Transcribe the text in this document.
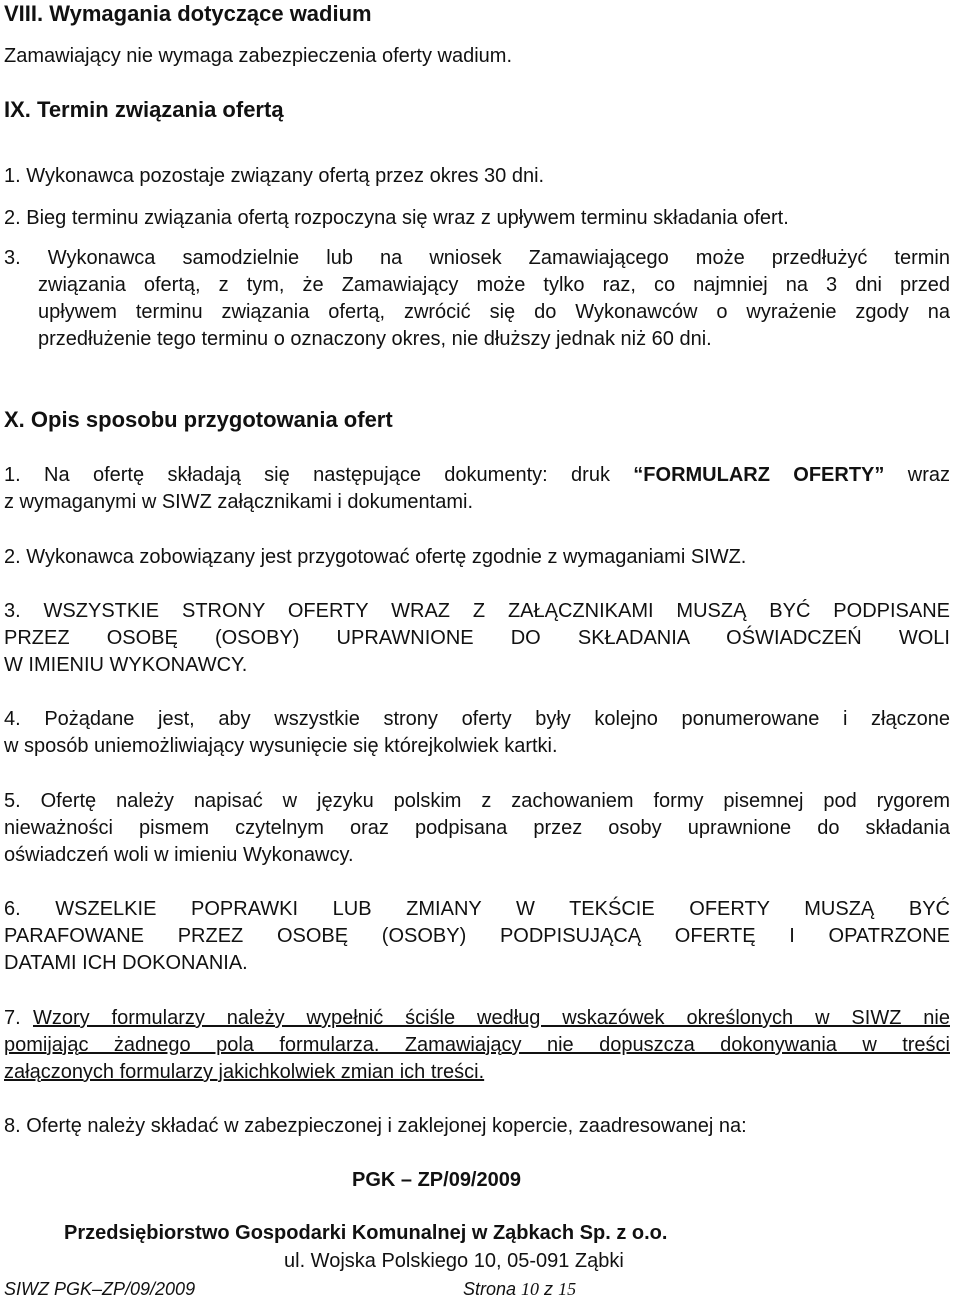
VIII. Wymagania dotyczące wadium
Zamawiający nie wymaga zabezpieczenia oferty wadium.
IX. Termin związania ofertą
1. Wykonawca pozostaje związany ofertą przez okres 30 dni.
2. Bieg terminu związania ofertą rozpoczyna się wraz z upływem terminu składania ofert.
3. Wykonawca samodzielnie lub na wniosek Zamawiającego może przedłużyć termin
związania ofertą, z tym, że Zamawiający może tylko raz, co najmniej na 3 dni przed
upływem terminu związania ofertą, zwrócić się do Wykonawców o wyrażenie zgody na
przedłużenie tego terminu o oznaczony okres, nie dłuższy jednak niż 60 dni.
X. Opis sposobu przygotowania ofert
1. Na ofertę składają się następujące dokumenty: druk “FORMULARZ OFERTY” wraz
z wymaganymi w SIWZ załącznikami i dokumentami.
2. Wykonawca zobowiązany jest przygotować ofertę zgodnie z wymaganiami SIWZ.
3. WSZYSTKIE STRONY OFERTY WRAZ Z ZAŁĄCZNIKAMI MUSZĄ BYĆ PODPISANE
PRZEZ OSOBĘ (OSOBY) UPRAWNIONE DO SKŁADANIA OŚWIADCZEŃ WOLI
W IMIENIU WYKONAWCY.
4. Pożądane jest, aby wszystkie strony oferty były kolejno ponumerowane i złączone
w sposób uniemożliwiający wysunięcie się którejkolwiek kartki.
5. Ofertę należy napisać w języku polskim z zachowaniem formy pisemnej pod rygorem
nieważności pismem czytelnym oraz podpisana przez osoby uprawnione do składania
oświadczeń woli w imieniu Wykonawcy.
6. WSZELKIE POPRAWKI LUB ZMIANY W TEKŚCIE OFERTY MUSZĄ BYĆ
PARAFOWANE PRZEZ OSOBĘ (OSOBY) PODPISUJĄCĄ OFERTĘ I OPATRZONE
DATAMI ICH DOKONANIA.
7. Wzory formularzy należy wypełnić ściśle według wskazówek określonych w SIWZ nie
pomijając żadnego pola formularza. Zamawiający nie dopuszcza dokonywania w treści
załączonych formularzy jakichkolwiek zmian ich treści.
8. Ofertę należy składać w zabezpieczonej i zaklejonej kopercie, zaadresowanej na:
PGK – ZP/09/2009
Przedsiębiorstwo Gospodarki Komunalnej w Ząbkach Sp. z o.o.
ul. Wojska Polskiego 10, 05-091 Ząbki
SIWZ PGK–ZP/09/2009	Strona 10 z 15
